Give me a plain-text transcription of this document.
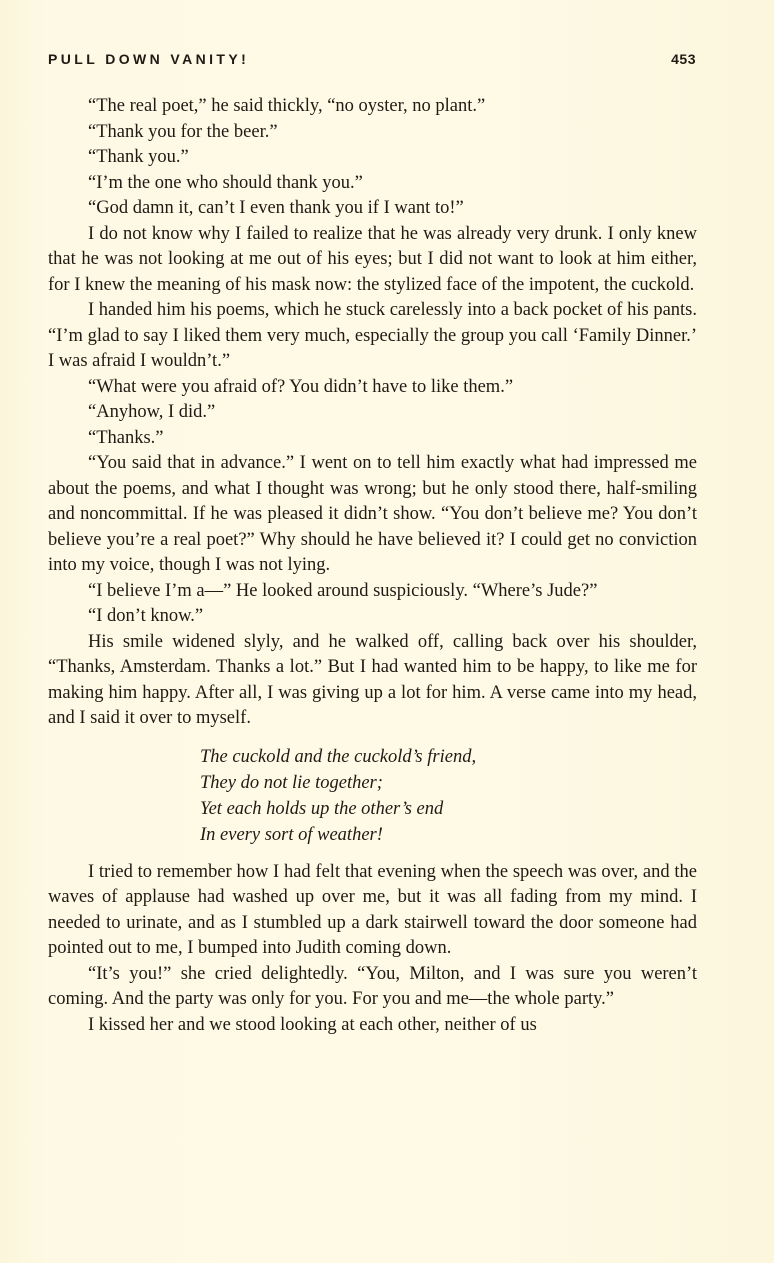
PULL DOWN VANITY!	453

“The real poet,” he said thickly, “no oyster, no plant.”

“Thank you for the beer.”

“Thank you.”

“I’m the one who should thank you.”

“God damn it, can’t I even thank you if I want to!”

I do not know why I failed to realize that he was already very drunk. I only knew that he was not looking at me out of his eyes; but I did not want to look at him either, for I knew the meaning of his mask now: the stylized face of the impotent, the cuckold.

I handed him his poems, which he stuck carelessly into a back pocket of his pants. “I’m glad to say I liked them very much, especially the group you call ‘Family Dinner.’ I was afraid I wouldn’t.”

“What were you afraid of? You didn’t have to like them.”

“Anyhow, I did.”

“Thanks.”

“You said that in advance.” I went on to tell him exactly what had impressed me about the poems, and what I thought was wrong; but he only stood there, half-smiling and noncommittal. If he was pleased it didn’t show. “You don’t believe me? You don’t believe you’re a real poet?” Why should he have believed it? I could get no conviction into my voice, though I was not lying.

“I believe I’m a—” He looked around suspiciously. “Where’s Jude?”

“I don’t know.”

His smile widened slyly, and he walked off, calling back over his shoulder, “Thanks, Amsterdam. Thanks a lot.” But I had wanted him to be happy, to like me for making him happy. After all, I was giving up a lot for him. A verse came into my head, and I said it over to myself.

The cuckold and the cuckold’s friend,
They do not lie together;
Yet each holds up the other’s end
In every sort of weather!

I tried to remember how I had felt that evening when the speech was over, and the waves of applause had washed up over me, but it was all fading from my mind. I needed to urinate, and as I stumbled up a dark stairwell toward the door someone had pointed out to me, I bumped into Judith coming down.

“It’s you!” she cried delightedly. “You, Milton, and I was sure you weren’t coming. And the party was only for you. For you and me—the whole party.”

I kissed her and we stood looking at each other, neither of us
